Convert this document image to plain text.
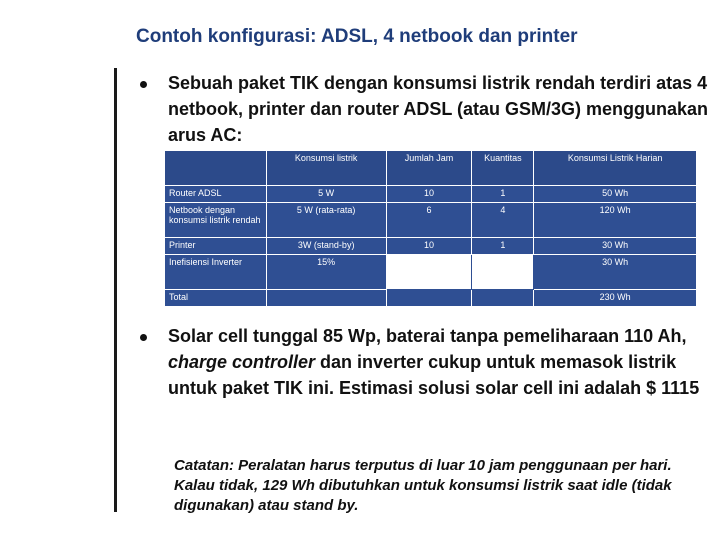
Contoh konfigurasi: ADSL, 4 netbook dan printer
Sebuah paket TIK dengan konsumsi listrik rendah terdiri atas 4 netbook, printer dan router ADSL (atau GSM/3G) menggunakan arus AC:
	Konsumsi listrik	Jumlah Jam	Kuantitas	Konsumsi Listrik Harian
Router ADSL	5 W	10	1	50 Wh
Netbook dengan konsumsi listrik rendah	5 W (rata-rata)	6	4	120 Wh
Printer	3W (stand-by)	10	1	30 Wh
Inefisiensi Inverter	15%			30 Wh
Total				230 Wh
Solar cell tunggal 85 Wp, baterai tanpa pemeliharaan 110 Ah, charge controller dan inverter cukup untuk memasok listrik untuk paket TIK ini. Estimasi solusi solar cell ini adalah $ 1115
Catatan: Peralatan harus terputus di luar 10 jam penggunaan per hari. Kalau tidak, 129 Wh dibutuhkan untuk konsumsi listrik saat idle (tidak digunakan) atau stand by.
